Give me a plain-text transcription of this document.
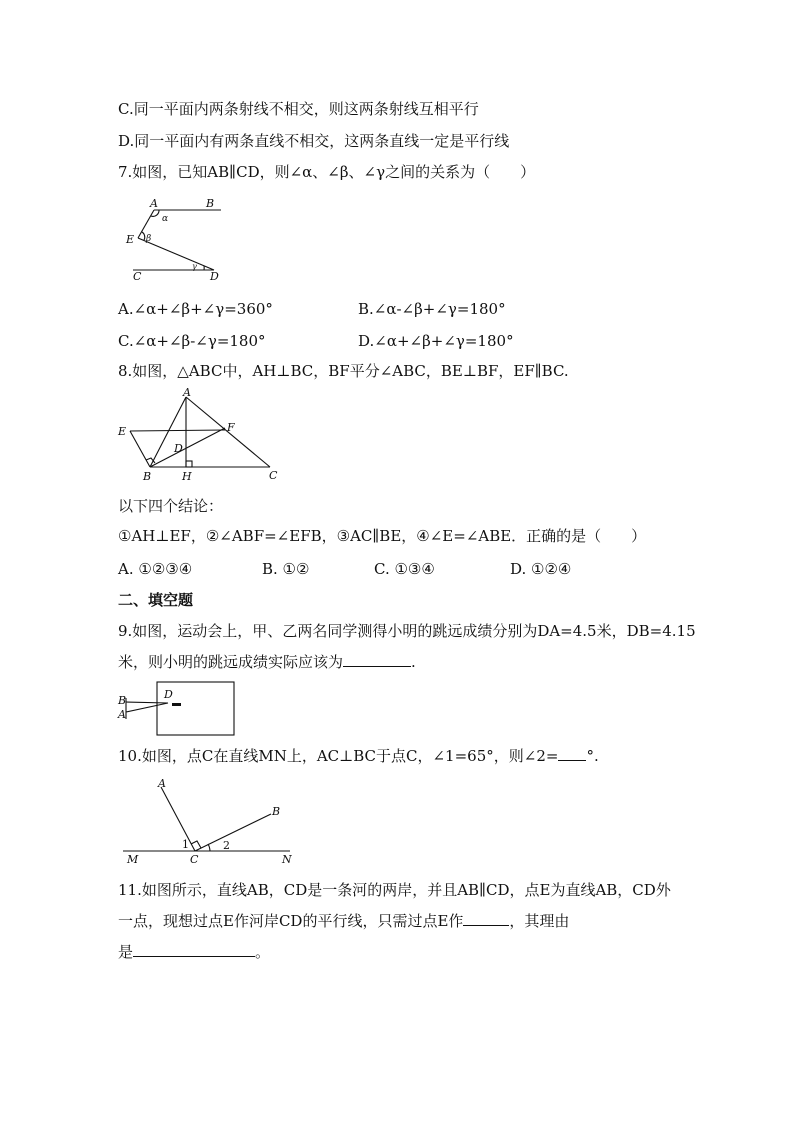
C.同一平面内两条射线不相交，则这两条射线互相平行
D.同一平面内有两条直线不相交，这两条直线一定是平行线
7.如图，已知AB∥CD，则∠α、∠β、∠γ之间的关系为（　　）
A	B
α
β
E
γ
C	D
A.∠α+∠β+∠γ=360°	B.∠α-∠β+∠γ=180°
C.∠α+∠β-∠γ=180°	D.∠α+∠β+∠γ=180°
8.如图，△ABC中，AH⊥BC，BF平分∠ABC，BE⊥BF，EF∥BC.
A
E	F
D
B	H	C
以下四个结论：
①AH⊥EF，②∠ABF=∠EFB，③AC∥BE，④∠E=∠ABE．正确的是（　　）
A. ①②③④	B. ①②	C. ①③④	D. ①②④
二、填空题
9.如图，运动会上，甲、乙两名同学测得小明的跳远成绩分别为DA=4.5米，DB=4.15
米，则小明的跳远成绩实际应该为	.
B
A
D
10.如图，点C在直线MN上，AC⊥BC于点C，∠1=65°，则∠2= °.
A
B
1	2
M	C	N
11.如图所示，直线AB，CD是一条河的两岸，并且AB∥CD，点E为直线AB，CD外
一点，现想过点E作河岸CD的平行线，只需过点E作	，其理由
是	。
